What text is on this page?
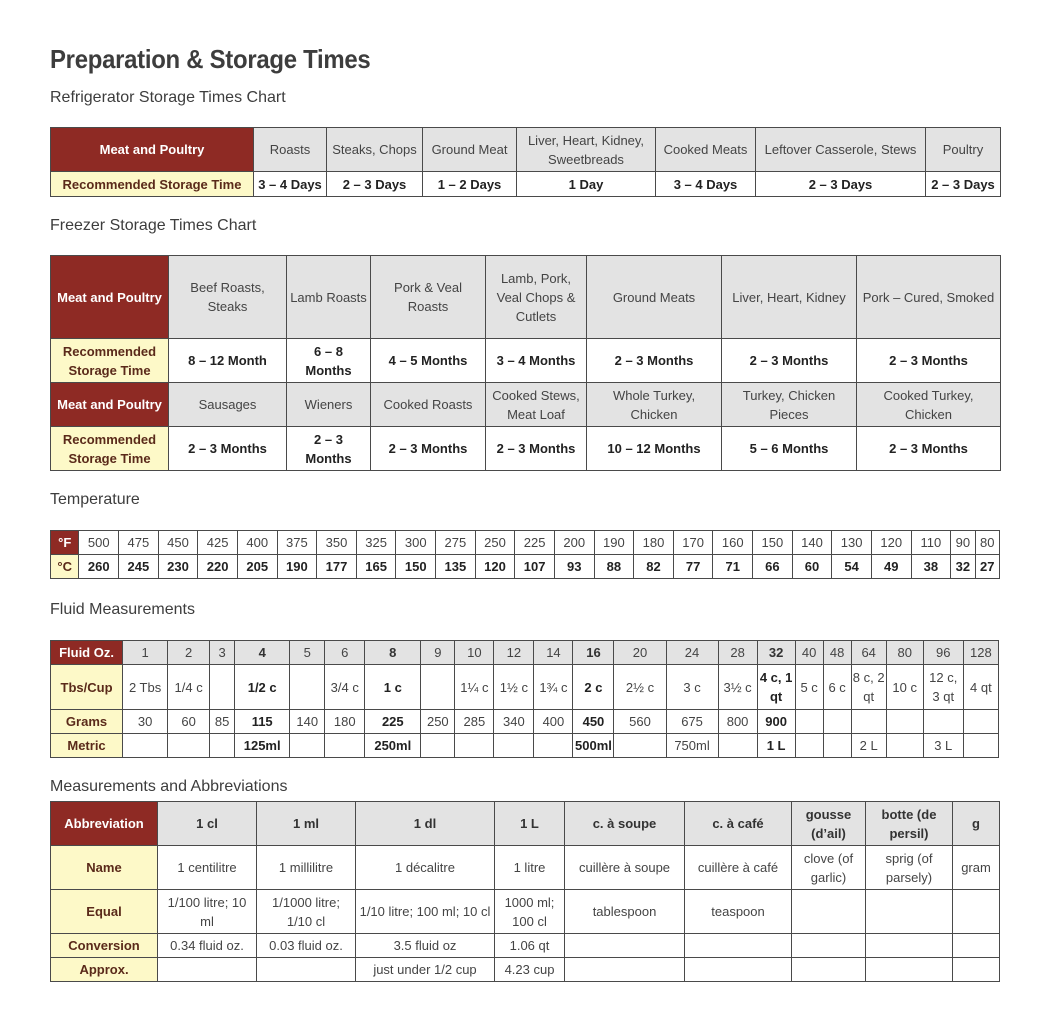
Preparation & Storage Times
Refrigerator Storage Times Chart
Meat and Poultry	Roasts	Steaks, Chops	Ground Meat	Liver, Heart, Kidney, Sweetbreads	Cooked Meats	Leftover Casserole, Stews	Poultry
Recommended Storage Time	3 – 4 Days	2 – 3 Days	1 – 2 Days	1 Day	3 – 4 Days	2 – 3 Days	2 – 3 Days
Freezer Storage Times Chart
Meat and Poultry	Beef Roasts, Steaks	Lamb Roasts	Pork & Veal Roasts	Lamb, Pork, Veal Chops & Cutlets	Ground Meats	Liver, Heart, Kidney	Pork – Cured, Smoked
Recommended Storage Time	8 – 12 Month	6 – 8 Months	4 – 5 Months	3 – 4 Months	2 – 3 Months	2 – 3 Months	2 – 3 Months
Meat and Poultry	Sausages	Wieners	Cooked Roasts	Cooked Stews, Meat Loaf	Whole Turkey, Chicken	Turkey, Chicken Pieces	Cooked Turkey, Chicken
Recommended Storage Time	2 – 3 Months	2 – 3 Months	2 – 3 Months	2 – 3 Months	10 – 12 Months	5 – 6 Months	2 – 3 Months
Temperature
°F	500	475	450	425	400	375	350	325	300	275	250	225	200	190	180	170	160	150	140	130	120	110	90	80
°C	260	245	230	220	205	190	177	165	150	135	120	107	93	88	82	77	71	66	60	54	49	38	32	27
Fluid Measurements
Fluid Oz.	1	2	3	4	5	6	8	9	10	12	14	16	20	24	28	32	40	48	64	80	96	128
Tbs/Cup	2 Tbs	1/4 c		1/2 c		3/4 c	1 c		1¼ c	1½ c	1¾ c	2 c	2½ c	3 c	3½ c	4 c, 1 qt	5 c	6 c	8 c, 2 qt	10 c	12 c, 3 qt	4 qt
Grams	30	60	85	115	140	180	225	250	285	340	400	450	560	675	800	900						
Metric				125ml			250ml					500ml		750ml		1 L			2 L		3 L	
Measurements and Abbreviations
Abbreviation	1 cl	1 ml	1 dl	1 L	c. à soupe	c. à café	gousse (d’ail)	botte (de persil)	g
Name	1 centilitre	1 millilitre	1 décalitre	1 litre	cuillère à soupe	cuillère à café	clove (of garlic)	sprig (of parsely)	gram
Equal	1/100 litre; 10 ml	1/1000 litre; 1/10 cl	1/10 litre; 100 ml; 10 cl	1000 ml; 100 cl	tablespoon	teaspoon			
Conversion	0.34 fluid oz.	0.03 fluid oz.	3.5 fluid oz	1.06 qt					
Approx.			just under 1/2 cup	4.23 cup					
